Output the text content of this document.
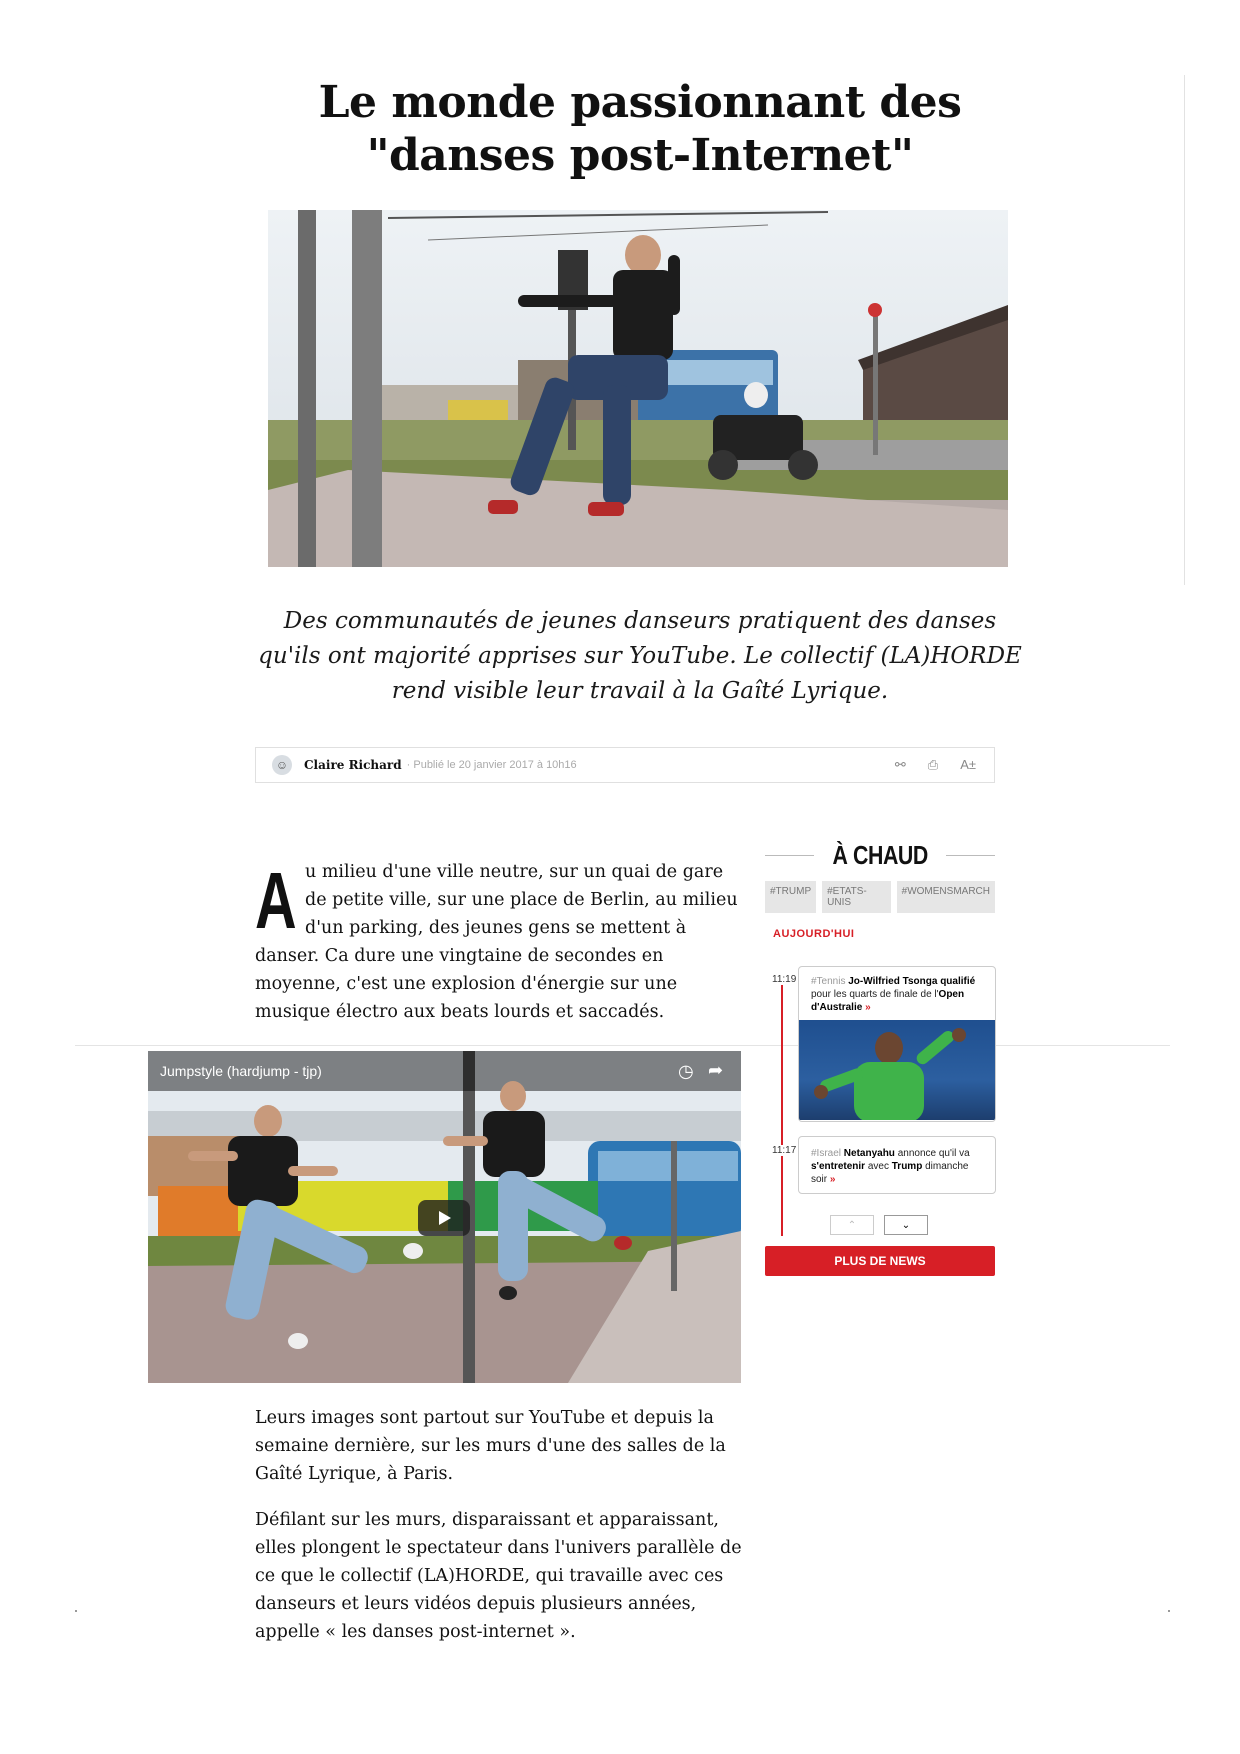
Le monde passionnant des "danses post-Internet"

Des communautés de jeunes danseurs pratiquent des danses qu'ils ont majorité apprises sur YouTube. Le collectif (LA)HORDE rend visible leur travail à la Gaîté Lyrique.

☺	Claire Richard · Publié le 20 janvier 2017 à 10h16	⚯ ⎙ A±

Au milieu d'une ville neutre, sur un quai de gare de petite ville, sur une place de Berlin, au milieu d'un parking, des jeunes gens se mettent à danser. Ca dure une vingtaine de secondes en moyenne, c'est une explosion d'énergie sur une musique électro aux beats lourds et saccadés.

Jumpstyle (hardjump - tjp)	◷ ➦

Leurs images sont partout sur YouTube et depuis la semaine dernière, sur les murs d'une des salles de la Gaîté Lyrique, à Paris.

Défilant sur les murs, disparaissant et apparaissant, elles plongent le spectateur dans l'univers parallèle de ce que le collectif (LA)HORDE, qui travaille avec ces danseurs et leurs vidéos depuis plusieurs années, appelle « les danses post-internet ».

À CHAUD
#TRUMP	#ETATS-UNIS
#WOMENSMARCH
AUJOURD'HUI
11:19	#Tennis Jo-Wilfried Tsonga qualifié pour les quarts de finale de l'Open d'Australie »
11:17	#Israel Netanyahu annonce qu'il va s'entretenir avec Trump dimanche soir »
⌃	⌄
PLUS DE NEWS
